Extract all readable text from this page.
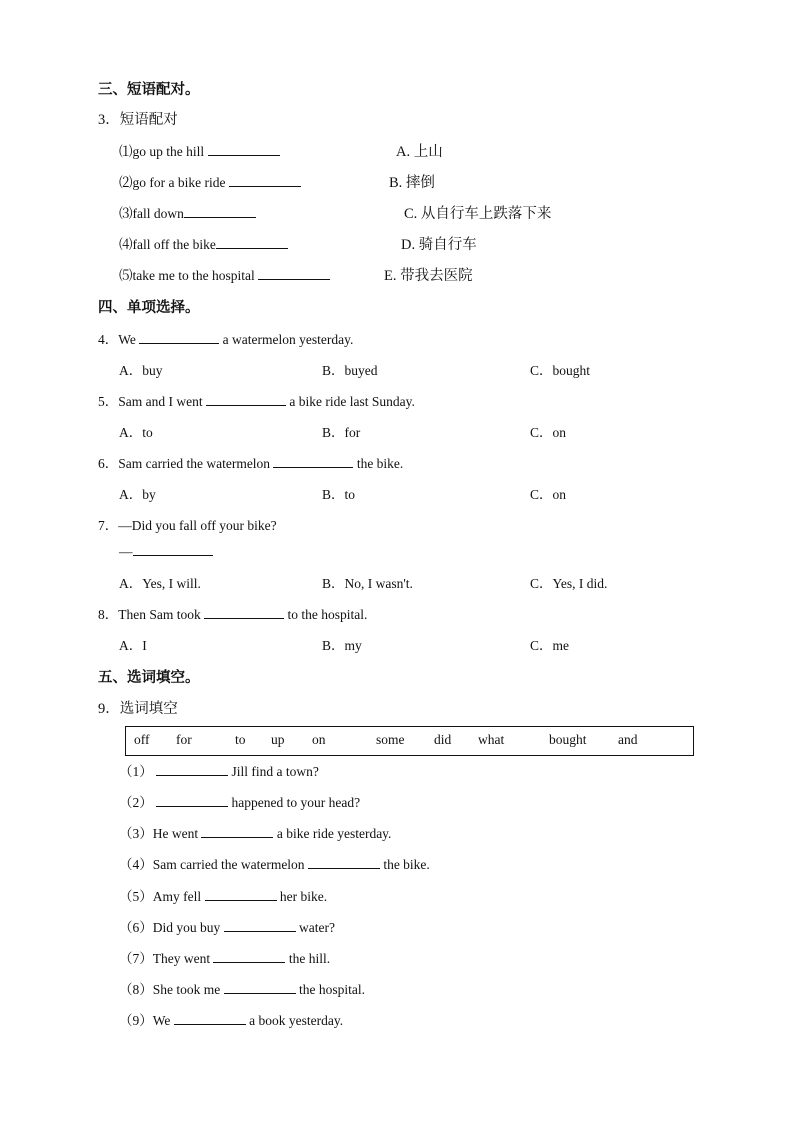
三、短语配对。
3．短语配对
⑴go up the hill	A. 上山
⑵go for a bike ride	B. 摔倒
⑶fall down	C. 从自行车上跌落下来
⑷fall off the bike	D. 骑自行车
⑸take me to the hospital	E. 带我去医院
四、单项选择。
4．We	a watermelon yesterday.
A．buy	B．buyed	C．bought
5．Sam and I went	a bike ride last Sunday.
A．to	B．for	C．on
6．Sam carried the watermelon	the bike.
A．by	B．to	C．on
7．—Did you fall off your bike?
—
A．Yes, I will.	B．No, I wasn't.	C．Yes, I did.
8．Then Sam took	to the hospital.
A．I	B．my	C．me
五、选词填空。
9．选词填空
off for	to up on	some did what	bought and
（1）	Jill find a town?
（2）	happened to your head?
（3）He went	a bike ride yesterday.
（4）Sam carried the watermelon	the bike.
（5）Amy fell	her bike.
（6）Did you buy	water?
（7）They went	the hill.
（8）She took me	the hospital.
（9）We	a book yesterday.
